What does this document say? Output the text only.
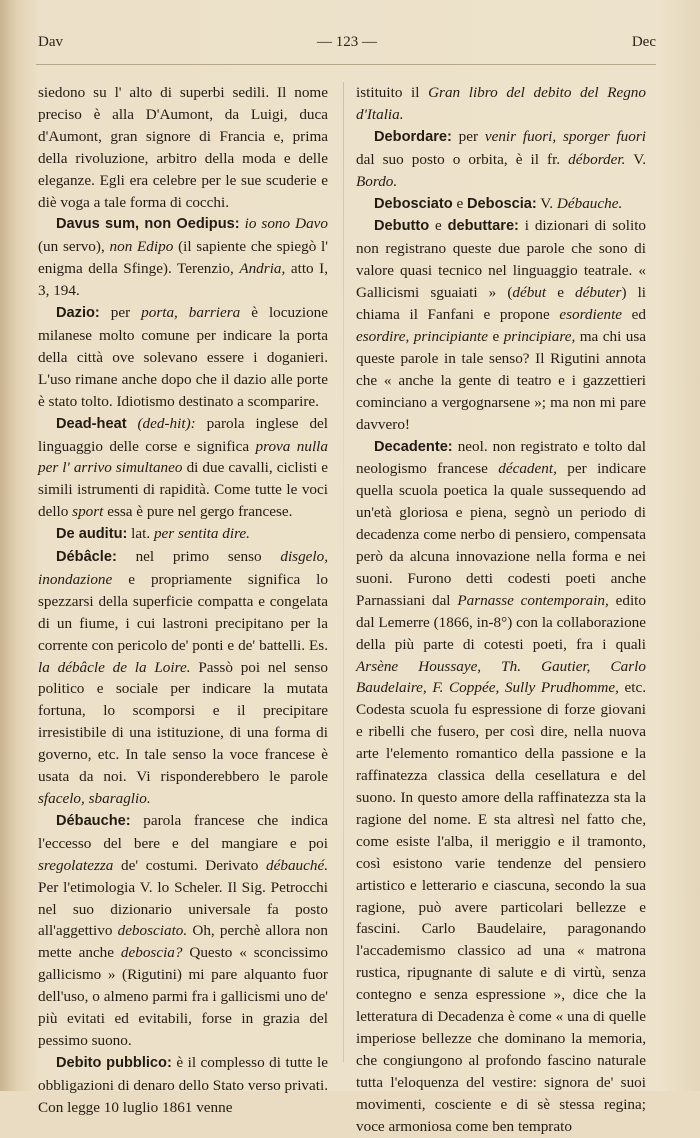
Dav	— 123 —	Dec

siedono su l' alto di superbi sedili. Il nome preciso è alla D'Aumont, da Luigi, duca d'Aumont, gran signore di Francia e, prima della rivoluzione, arbitro della moda e delle eleganze. Egli era celebre per le sue scuderie e diè voga a tale forma di cocchi.

Davus sum, non Oedipus: io sono Davo (un servo), non Edipo (il sapiente che spiegò l' enigma della Sfinge). Terenzio, Andria, atto I, 3, 194.

Dazio: per porta, barriera è locuzione milanese molto comune per indicare la porta della città ove solevano essere i doganieri. L'uso rimane anche dopo che il dazio alle porte è stato tolto. Idiotismo destinato a scomparire.

Dead-heat (ded-hit): parola inglese del linguaggio delle corse e significa prova nulla per l' arrivo simultaneo di due cavalli, ciclisti e simili istrumenti di rapidità. Come tutte le voci dello sport essa è pure nel gergo francese.

De auditu: lat. per sentita dire.

Débâcle: nel primo senso disgelo, inondazione e propriamente significa lo spezzarsi della superficie compatta e congelata di un fiume, i cui lastroni precipitano per la corrente con pericolo de' ponti e de' battelli. Es. la débâcle de la Loire. Passò poi nel senso politico e sociale per indicare la mutata fortuna, lo scomporsi e il precipitare irresistibile di una istituzione, di una forma di governo, etc. In tale senso la voce francese è usata da noi. Vi risponderebbero le parole sfacelo, sbaraglio.

Débauche: parola francese che indica l'eccesso del bere e del mangiare e poi sregolatezza de' costumi. Derivato débauché. Per l'etimologia V. lo Scheler. Il Sig. Petrocchi nel suo dizionario universale fa posto all'aggettivo debosciato. Oh, perchè allora non mette anche deboscia? Questo « sconcissimo gallicismo » (Rigutini) mi pare alquanto fuor dell'uso, o almeno parmi fra i gallicismi uno de' più evitati ed evitabili, forse in grazia del pessimo suono.

Debito pubblico: è il complesso di tutte le obbligazioni di denaro dello Stato verso privati. Con legge 10 luglio 1861 venne

istituito il Gran libro del debito del Regno d'Italia.

Debordare: per venir fuori, sporger fuori dal suo posto o orbita, è il fr. déborder. V. Bordo.

Debosciato e Deboscia: V. Débauche.

Debutto e debuttare: i dizionari di solito non registrano queste due parole che sono di valore quasi tecnico nel linguaggio teatrale. « Gallicismi sguaiati » (début e débuter) li chiama il Fanfani e propone esordiente ed esordire, principiante e principiare, ma chi usa queste parole in tale senso? Il Rigutini annota che « anche la gente di teatro e i gazzettieri cominciano a vergognarsene »; ma non mi pare davvero!

Decadente: neol. non registrato e tolto dal neologismo francese décadent, per indicare quella scuola poetica la quale sussequendo ad un'età gloriosa e piena, segnò un periodo di decadenza come nerbo di pensiero, compensata però da alcuna innovazione nella forma e nei suoni. Furono detti codesti poeti anche Parnassiani dal Parnasse contemporain, edito dal Lemerre (1866, in-8°) con la collaborazione della più parte di cotesti poeti, fra i quali Arsène Houssaye, Th. Gautier, Carlo Baudelaire, F. Coppée, Sully Prudhomme, etc. Codesta scuola fu espressione di forze giovani e ribelli che fusero, per così dire, nella nuova arte l'elemento romantico della passione e la raffinatezza classica della cesellatura e del suono. In questo amore della raffinatezza sta la ragione del nome. E sta altresì nel fatto che, come esiste l'alba, il meriggio e il tramonto, così esistono varie tendenze del pensiero artistico e letterario e ciascuna, secondo la sua ragione, può avere particolari bellezze e fascini. Carlo Baudelaire, paragonando l'accademismo classico ad una « matrona rustica, ripugnante di salute e di virtù, senza contegno e senza espressione », dice che la letteratura di Decadenza è come « una di quelle imperiose bellezze che dominano la memoria, che congiungono al profondo fascino naturale tutta l'eloquenza del vestire: signora de' suoi movimenti, cosciente e di sè stessa regina; voce armoniosa come ben temprato
